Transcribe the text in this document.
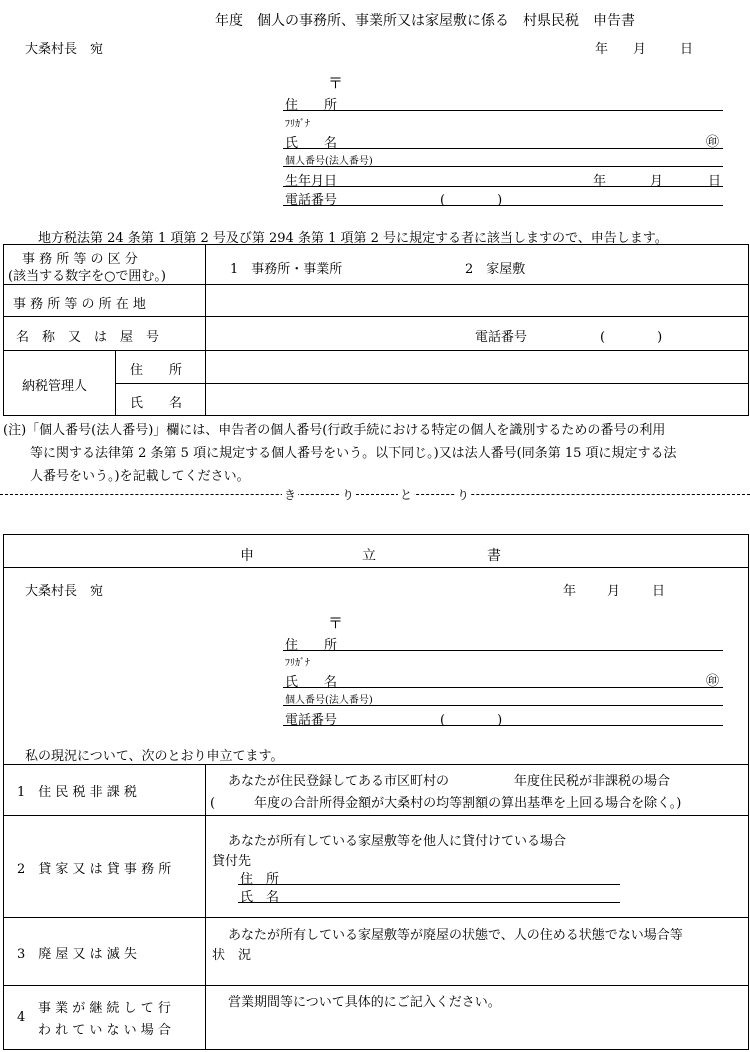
年度　個人の事務所、事業所又は家屋敷に係る　村県民税　申告書
大桑村長　宛	年 月	日
〒
住　　所
ﾌﾘｶﾞﾅ
氏　　名	㊞
個人番号(法人番号)
生年月日	年	月	日
電話番号	(　　　　)
地方税法第 24 条第 1 項第 2 号及び第 294 条第 1 項第 2 号に規定する者に該当しますので、申告します。
事 務 所 等 の 区 分
(該当する数字を○で囲む。)	1　事務所・事業所	2　家屋敷
事 務 所 等 の 所 在 地
名　称　又　は　屋　号	電話番号	(　　　　)
納税管理人
住　　所
氏　　名
(注)「個人番号(法人番号)」欄には、申告者の個人番号(行政手続における特定の個人を識別するための番号の利用
等に関する法律第 2 条第 5 項に規定する個人番号をいう。以下同じ。)又は法人番号(同条第 15 項に規定する法
人番号をいう。)を記載してください。
き	り	と	り
申	立	書
大桑村長　宛	年 月 日
〒
住　　所
ﾌﾘｶﾞﾅ
氏　　名	㊞
個人番号(法人番号)
電話番号	(　　　　)
私の現況について、次のとおり申立てます。
1　住 民 税 非 課 税
あなたが住民登録してある市区町村の　　　　　年度住民税が非課税の場合
(　　　年度の合計所得金額が大桑村の均等割額の算出基準を上回る場合を除く。)
2　貸 家 又 は 貸 事 務 所
あなたが所有している家屋敷等を他人に貸付けている場合
貸付先
住　所
氏　名
3　廃 屋 又 は 滅 失
あなたが所有している家屋敷等が廃屋の状態で、人の住める状態でない場合等
状　況
4
事 業 が 継 続 し て 行
わ れ て い な い 場 合
営業期間等について具体的にご記入ください。
